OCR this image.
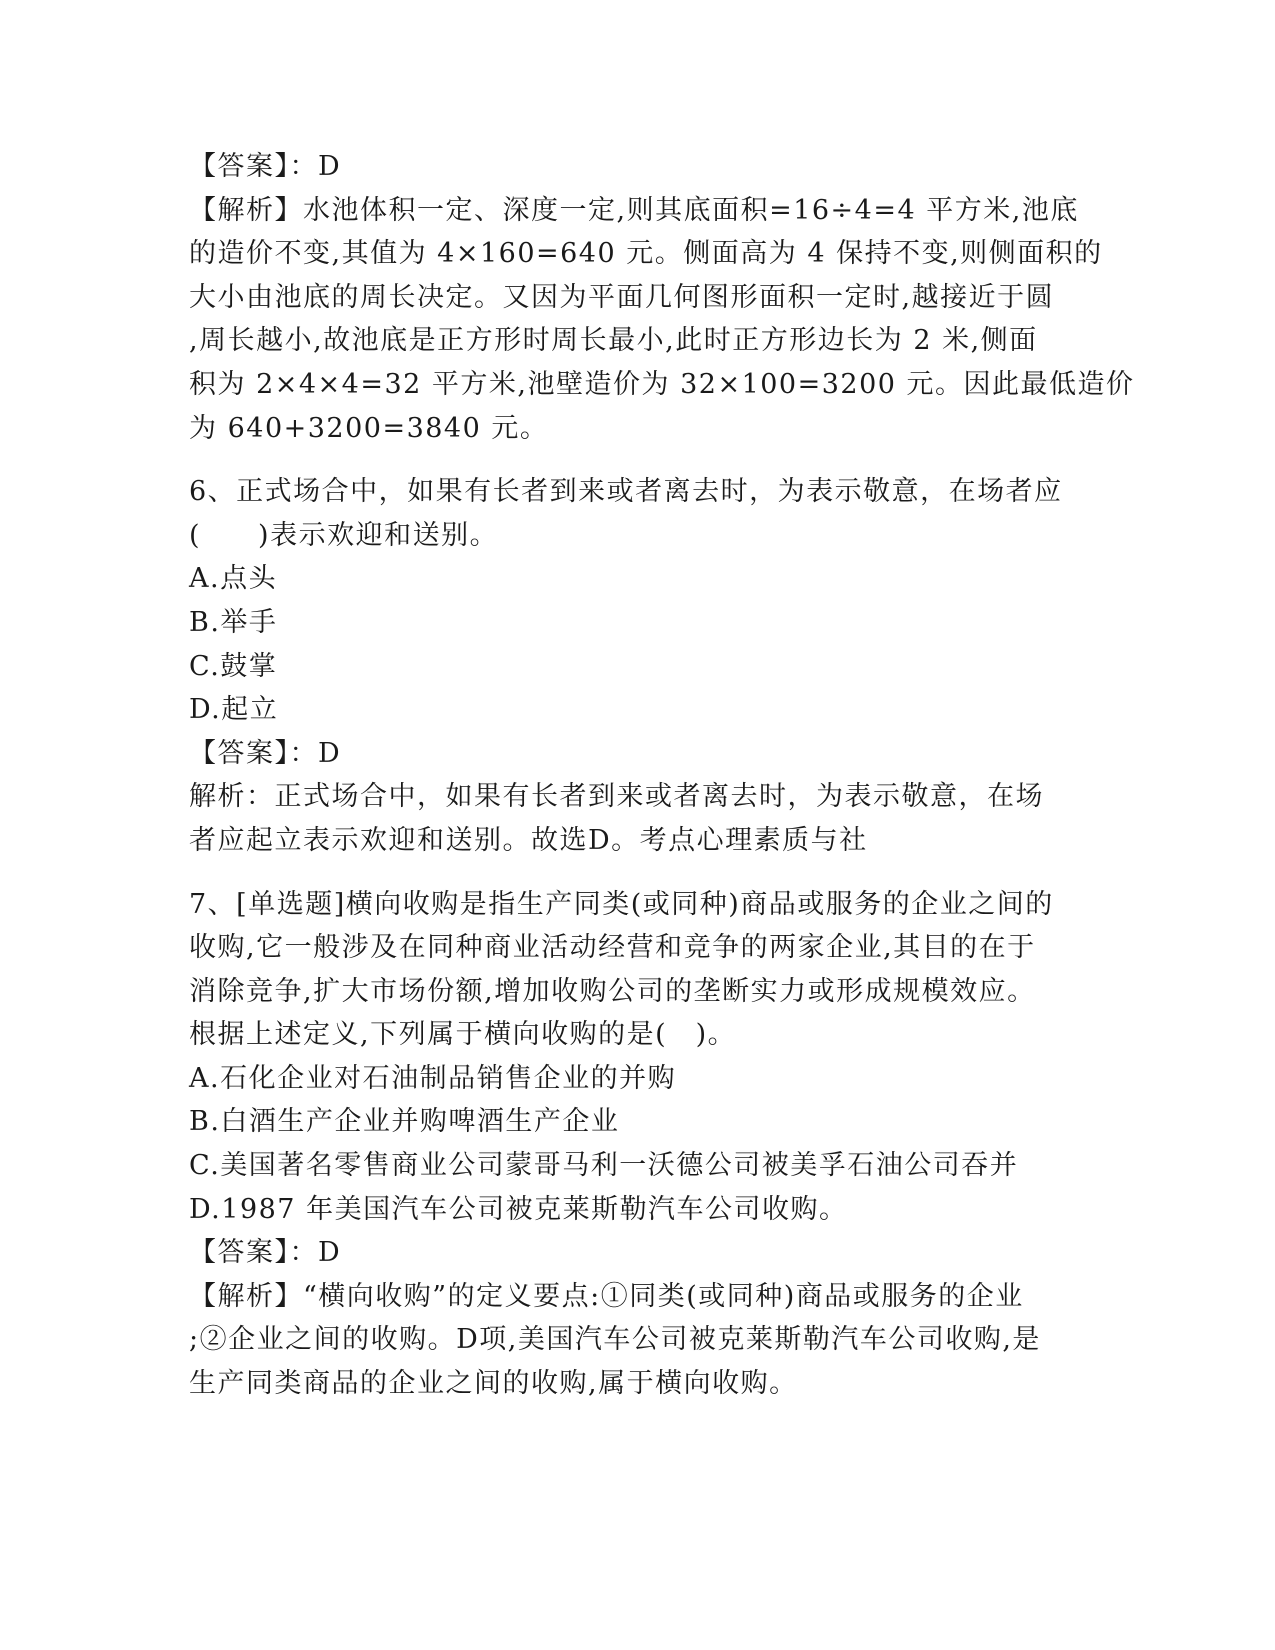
【答案】：D
【解析】水池体积一定、深度一定,则其底面积=16÷4=4 平方米,池底
的造价不变,其值为 4×160=640 元。侧面高为 4 保持不变,则侧面积的
大小由池底的周长决定。又因为平面几何图形面积一定时,越接近于圆
,周长越小,故池底是正方形时周长最小,此时正方形边长为 2 米,侧面
积为 2×4×4=32 平方米,池壁造价为 32×100=3200 元。因此最低造价
为 640+3200=3840 元。
6、正式场合中，如果有长者到来或者离去时，为表示敬意，在场者应
(　　)表示欢迎和送别。
A.点头
B.举手
C.鼓掌
D.起立
【答案】：D
解析：正式场合中，如果有长者到来或者离去时，为表示敬意，在场
者应起立表示欢迎和送别。故选D。考点心理素质与社
7、[单选题]横向收购是指生产同类(或同种)商品或服务的企业之间的
收购,它一般涉及在同种商业活动经营和竞争的两家企业,其目的在于
消除竞争,扩大市场份额,增加收购公司的垄断实力或形成规模效应。
根据上述定义,下列属于横向收购的是(　)。
A.石化企业对石油制品销售企业的并购
B.白酒生产企业并购啤酒生产企业
C.美国著名零售商业公司蒙哥马利一沃德公司被美孚石油公司吞并
D.1987 年美国汽车公司被克莱斯勒汽车公司收购。
【答案】：D
【解析】“横向收购”的定义要点:①同类(或同种)商品或服务的企业
;②企业之间的收购。D项,美国汽车公司被克莱斯勒汽车公司收购,是
生产同类商品的企业之间的收购,属于横向收购。
